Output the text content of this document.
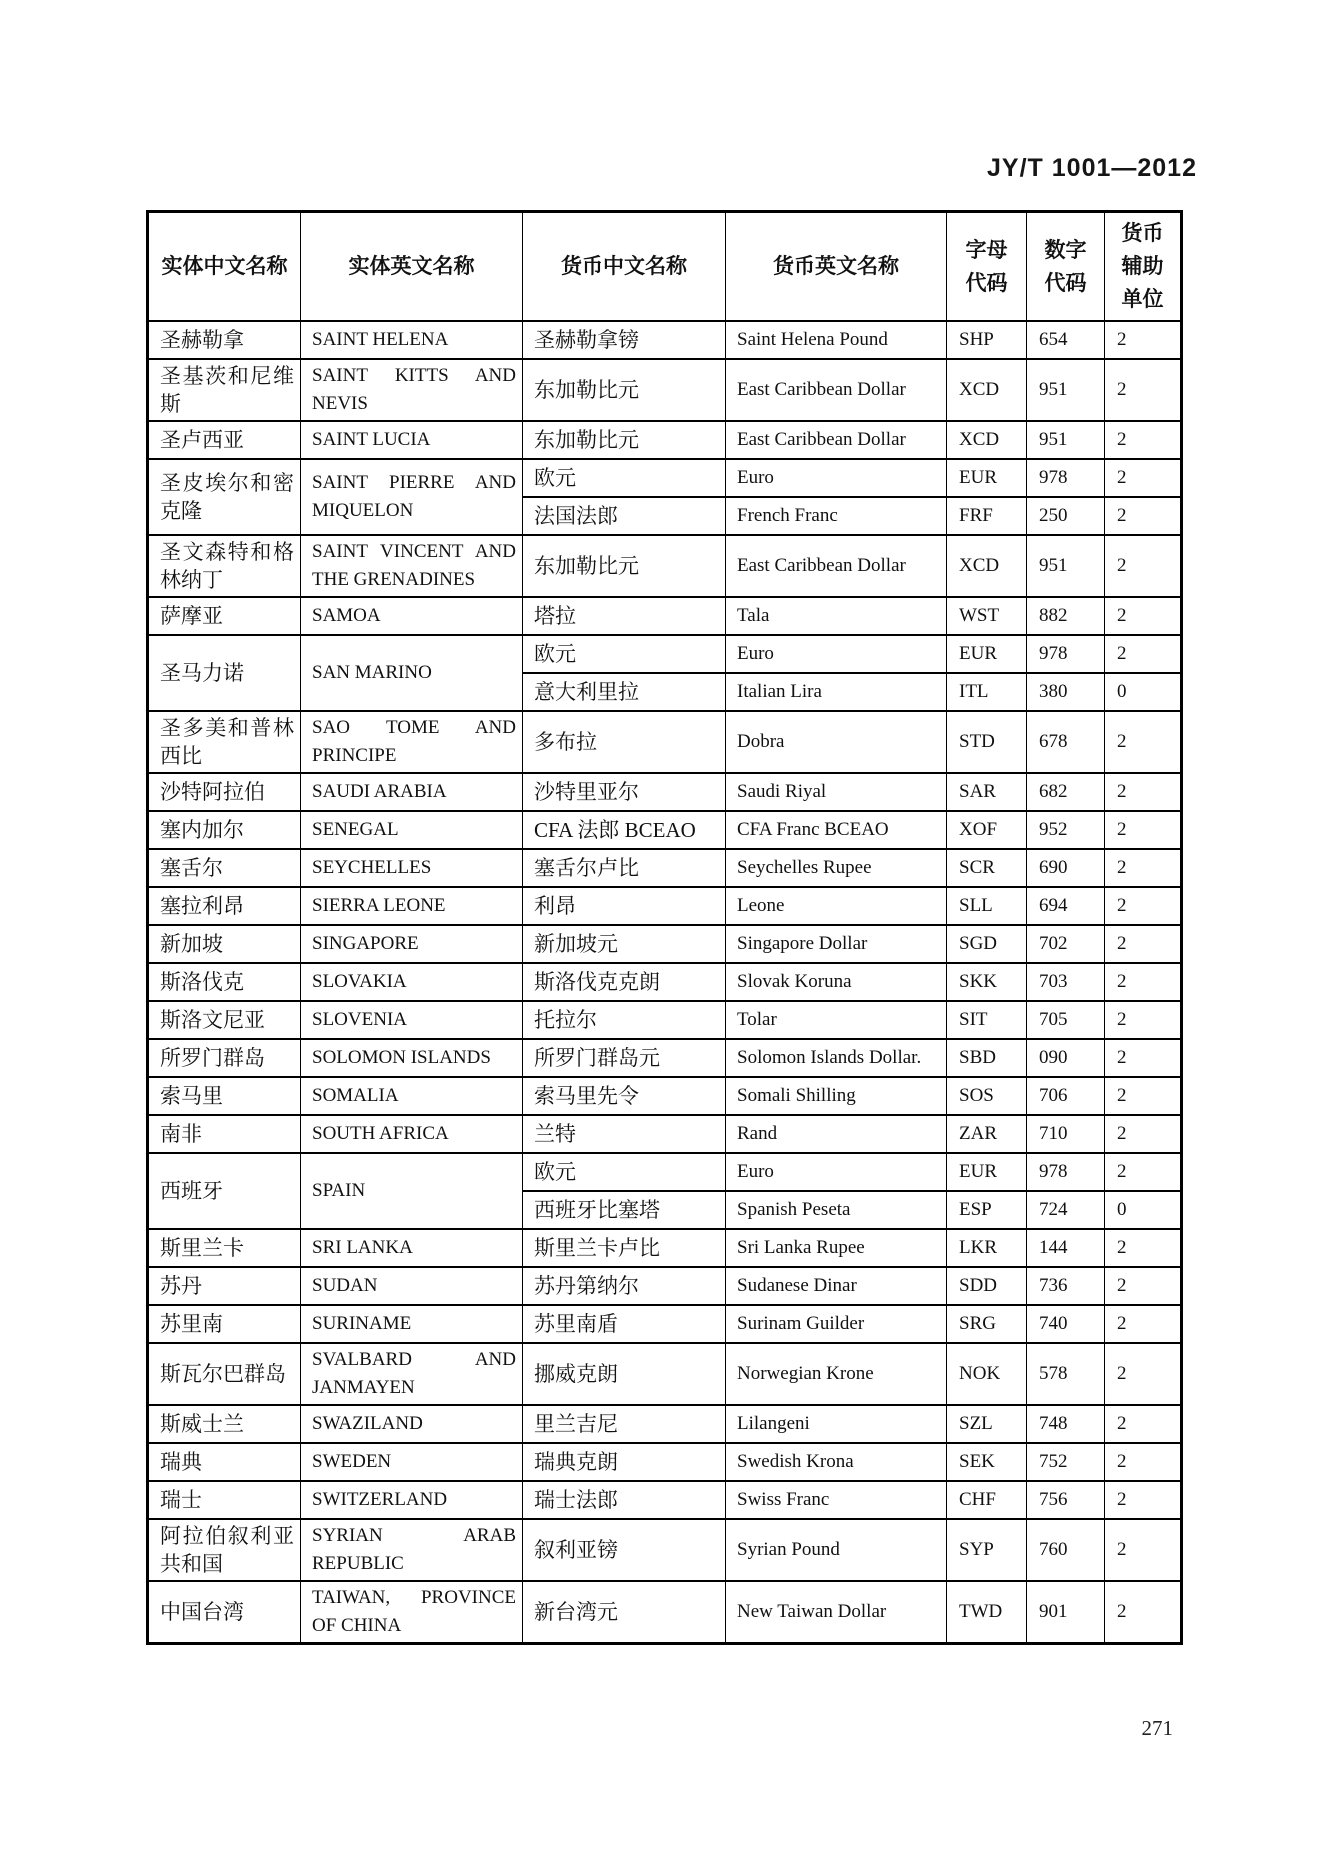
JY/T 1001—2012
实体中文名称	实体英文名称	货币中文名称	货币英文名称	字母代码	数字代码	货币辅助单位
圣赫勒拿	SAINT HELENA	圣赫勒拿镑	Saint Helena Pound	SHP	654	2
圣基茨和尼维斯	SAINT KITTS AND NEVIS	东加勒比元	East Caribbean Dollar	XCD	951	2
圣卢西亚	SAINT LUCIA	东加勒比元	East Caribbean Dollar	XCD	951	2
圣皮埃尔和密克隆	SAINT PIERRE AND MIQUELON	欧元	Euro	EUR	978	2
		法国法郎	French Franc	FRF	250	2
圣文森特和格林纳丁	SAINT VINCENT AND THE GRENADINES	东加勒比元	East Caribbean Dollar	XCD	951	2
萨摩亚	SAMOA	塔拉	Tala	WST	882	2
圣马力诺	SAN MARINO	欧元	Euro	EUR	978	2
		意大利里拉	Italian Lira	ITL	380	0
圣多美和普林西比	SAO TOME AND PRINCIPE	多布拉	Dobra	STD	678	2
沙特阿拉伯	SAUDI ARABIA	沙特里亚尔	Saudi Riyal	SAR	682	2
塞内加尔	SENEGAL	CFA 法郎 BCEAO	CFA Franc BCEAO	XOF	952	2
塞舌尔	SEYCHELLES	塞舌尔卢比	Seychelles Rupee	SCR	690	2
塞拉利昂	SIERRA LEONE	利昂	Leone	SLL	694	2
新加坡	SINGAPORE	新加坡元	Singapore Dollar	SGD	702	2
斯洛伐克	SLOVAKIA	斯洛伐克克朗	Slovak Koruna	SKK	703	2
斯洛文尼亚	SLOVENIA	托拉尔	Tolar	SIT	705	2
所罗门群岛	SOLOMON ISLANDS	所罗门群岛元	Solomon Islands Dollar.	SBD	090	2
索马里	SOMALIA	索马里先令	Somali Shilling	SOS	706	2
南非	SOUTH AFRICA	兰特	Rand	ZAR	710	2
西班牙	SPAIN	欧元	Euro	EUR	978	2
		西班牙比塞塔	Spanish Peseta	ESP	724	0
斯里兰卡	SRI LANKA	斯里兰卡卢比	Sri Lanka Rupee	LKR	144	2
苏丹	SUDAN	苏丹第纳尔	Sudanese Dinar	SDD	736	2
苏里南	SURINAME	苏里南盾	Surinam Guilder	SRG	740	2
斯瓦尔巴群岛	SVALBARD AND JANMAYEN	挪威克朗	Norwegian Krone	NOK	578	2
斯威士兰	SWAZILAND	里兰吉尼	Lilangeni	SZL	748	2
瑞典	SWEDEN	瑞典克朗	Swedish Krona	SEK	752	2
瑞士	SWITZERLAND	瑞士法郎	Swiss Franc	CHF	756	2
阿拉伯叙利亚共和国	SYRIAN ARAB REPUBLIC	叙利亚镑	Syrian Pound	SYP	760	2
中国台湾	TAIWAN, PROVINCE OF CHINA	新台湾元	New Taiwan Dollar	TWD	901	2
271
